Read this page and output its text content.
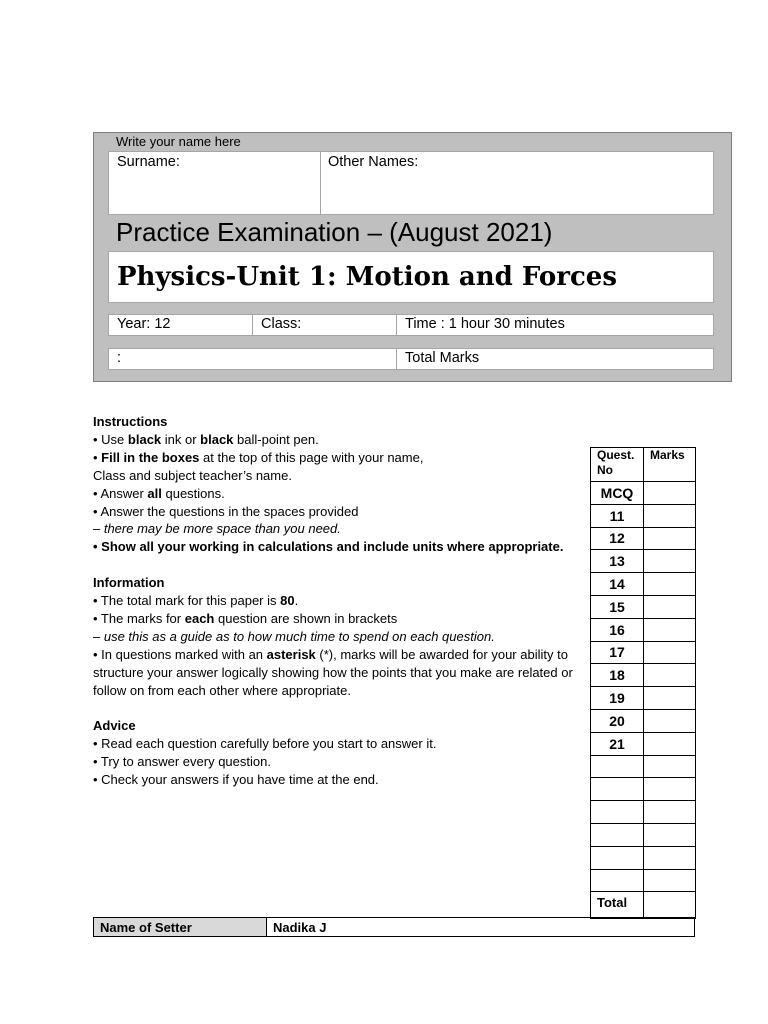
Write your name here
Surname:	Other Names:
Practice Examination – (August 2021)
Physics-Unit 1: Motion and Forces
Year: 12	Class:	Time : 1 hour 30 minutes
:	Total Marks
Instructions
• Use black ink or black ball-point pen.
• Fill in the boxes at the top of this page with your name,
Class and subject teacher’s name.
• Answer all questions.
• Answer the questions in the spaces provided
– there may be more space than you need.
• Show all your working in calculations and include units where appropriate.
Information
• The total mark for this paper is 80.
• The marks for each question are shown in brackets
– use this as a guide as to how much time to spend on each question.
• In questions marked with an asterisk (*), marks will be awarded for your ability to structure your answer logically showing how the points that you make are related or follow on from each other where appropriate.
Advice
• Read each question carefully before you start to answer it.
• Try to answer every question.
• Check your answers if you have time at the end.
Quest. No	Marks
MCQ	
11	
12	
13	
14	
15	
16	
17	
18	
19	
20	
21	

Total	
Name of Setter	Nadika J
